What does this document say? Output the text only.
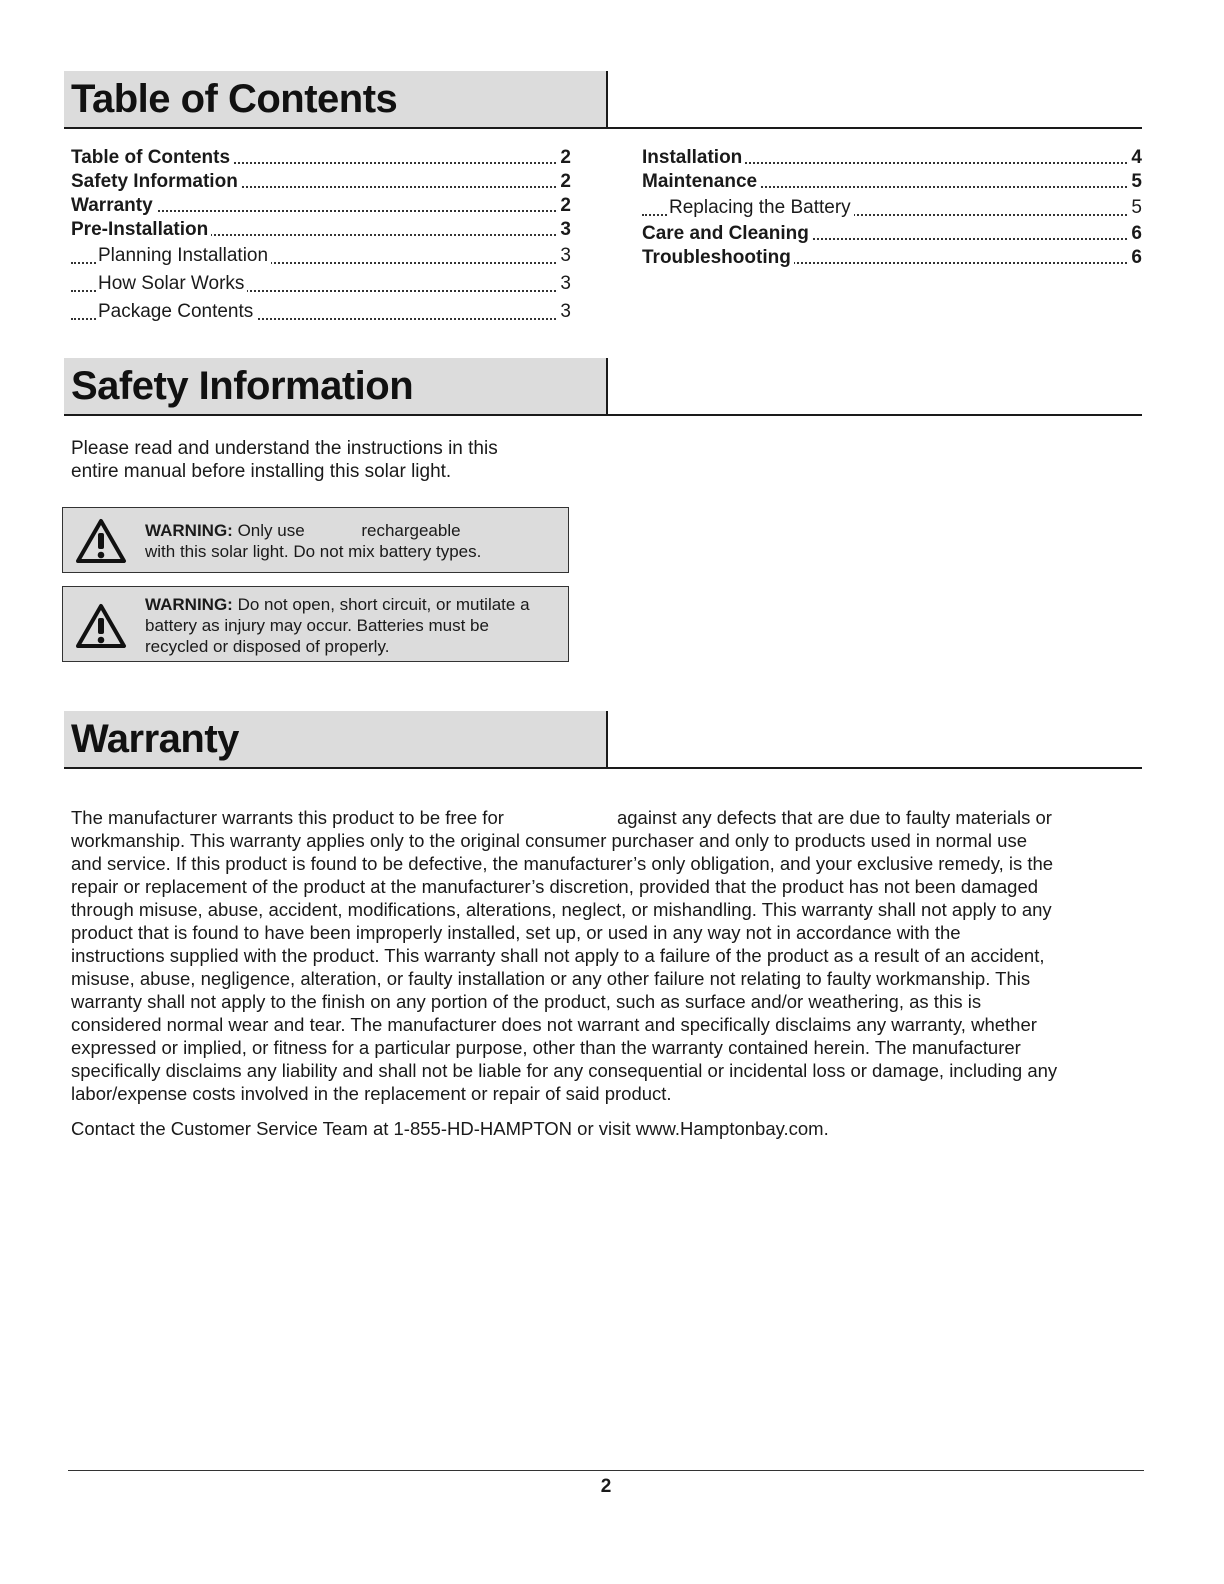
Table of Contents
Table of Contents	2
Safety Information	2
Warranty	2
Pre-Installation	3
Planning Installation	3
How Solar Works	3
Package Contents	3
Installation	4
Maintenance	5
Replacing the Battery	5
Care and Cleaning	6
Troubleshooting	6
Safety Information
Please read and understand the instructions in this
entire manual before installing this solar light.
WARNING: Only use            rechargeable
with this solar light. Do not mix battery types.
WARNING: Do not open, short circuit, or mutilate a
battery as injury may occur. Batteries must be
recycled or disposed of properly.
Warranty
The manufacturer warrants this product to be free for                      against any defects that are due to faulty materials or
workmanship. This warranty applies only to the original consumer purchaser and only to products used in normal use
and service. If this product is found to be defective, the manufacturer’s only obligation, and your exclusive remedy, is the
repair or replacement of the product at the manufacturer’s discretion, provided that the product has not been damaged
through misuse, abuse, accident, modifications, alterations, neglect, or mishandling. This warranty shall not apply to any
product that is found to have been improperly installed, set up, or used in any way not in accordance with the
instructions supplied with the product. This warranty shall not apply to a failure of the product as a result of an accident,
misuse, abuse, negligence, alteration, or faulty installation or any other failure not relating to faulty workmanship. This
warranty shall not apply to the finish on any portion of the product, such as surface and/or weathering, as this is
considered normal wear and tear. The manufacturer does not warrant and specifically disclaims any warranty, whether
expressed or implied, or fitness for a particular purpose, other than the warranty contained herein. The manufacturer
specifically disclaims any liability and shall not be liable for any consequential or incidental loss or damage, including any
labor/expense costs involved in the replacement or repair of said product.
Contact the Customer Service Team at 1-855-HD-HAMPTON or visit www.Hamptonbay.com.
2
